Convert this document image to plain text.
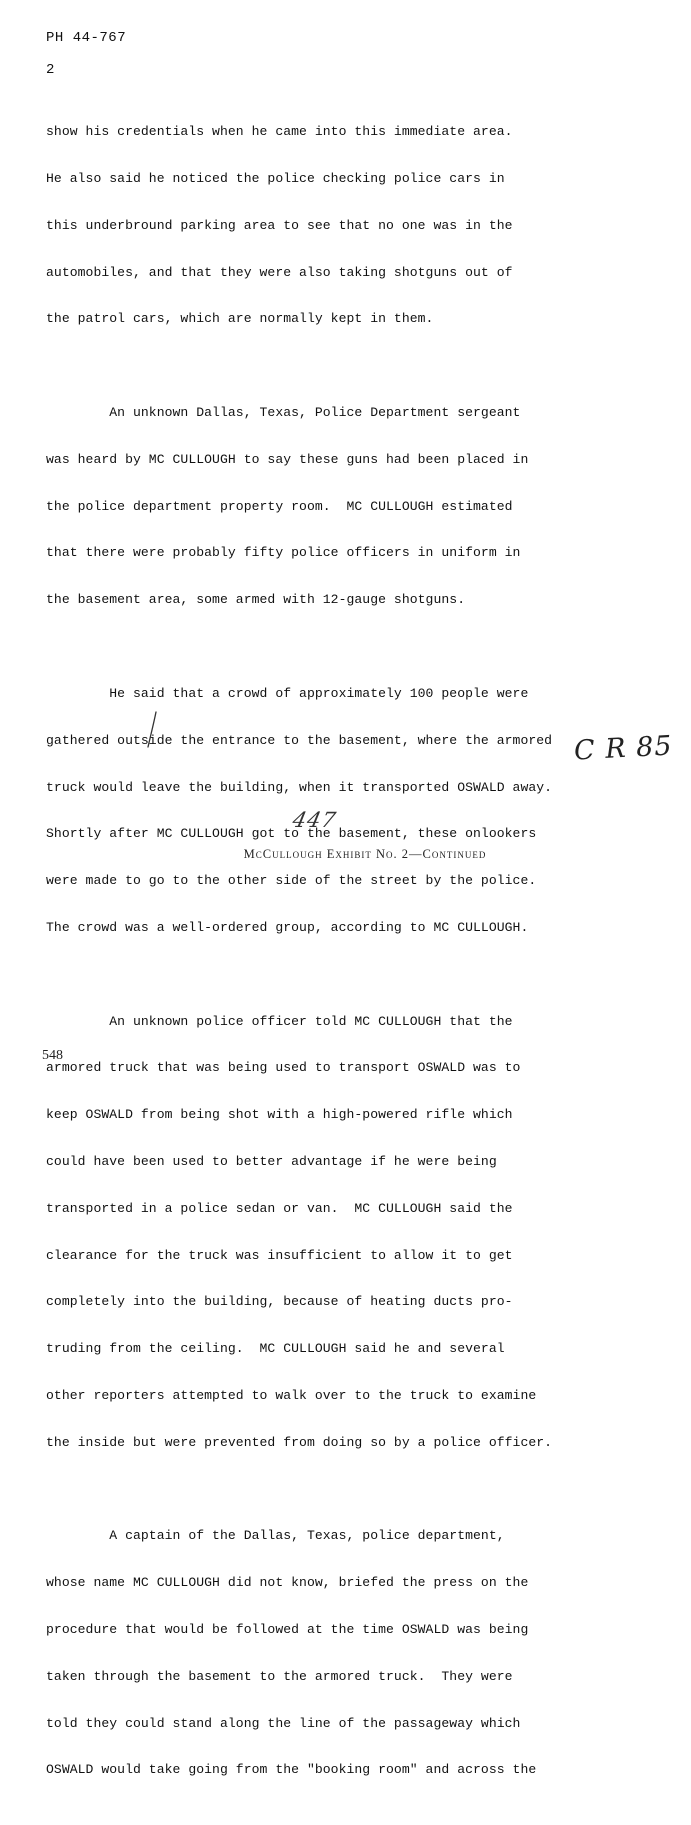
PH 44-767
2

show his credentials when he came into this immediate area.

He also said he noticed the police checking police cars in

this underbround parking area to see that no one was in the

automobiles, and that they were also taking shotguns out of

the patrol cars, which are normally kept in them.

An unknown Dallas, Texas, Police Department sergeant

was heard by MC CULLOUGH to say these guns had been placed in

the police department property room.  MC CULLOUGH estimated

that there were probably fifty police officers in uniform in

the basement area, some armed with 12-gauge shotguns.

He said that a crowd of approximately 100 people were

gathered outside the entrance to the basement, where the armored

truck would leave the building, when it transported OSWALD away.

Shortly after MC CULLOUGH got to the basement, these onlookers

were made to go to the other side of the street by the police.

The crowd was a well-ordered group, according to MC CULLOUGH.

An unknown police officer told MC CULLOUGH that the

armored truck that was being used to transport OSWALD was to

keep OSWALD from being shot with a high-powered rifle which

could have been used to better advantage if he were being

transported in a police sedan or van.  MC CULLOUGH said the

clearance for the truck was insufficient to allow it to get

completely into the building, because of heating ducts pro-

truding from the ceiling.  MC CULLOUGH said he and several

other reporters attempted to walk over to the truck to examine

the inside but were prevented from doing so by a police officer.

A captain of the Dallas, Texas, police department,

whose name MC CULLOUGH did not know, briefed the press on the

procedure that would be followed at the time OSWALD was being

taken through the basement to the armored truck.  They were

told they could stand along the line of the passageway which

OSWALD would take going from the "booking room" and across the

C R 85
447
McCullough Exhibit No. 2—Continued
548
